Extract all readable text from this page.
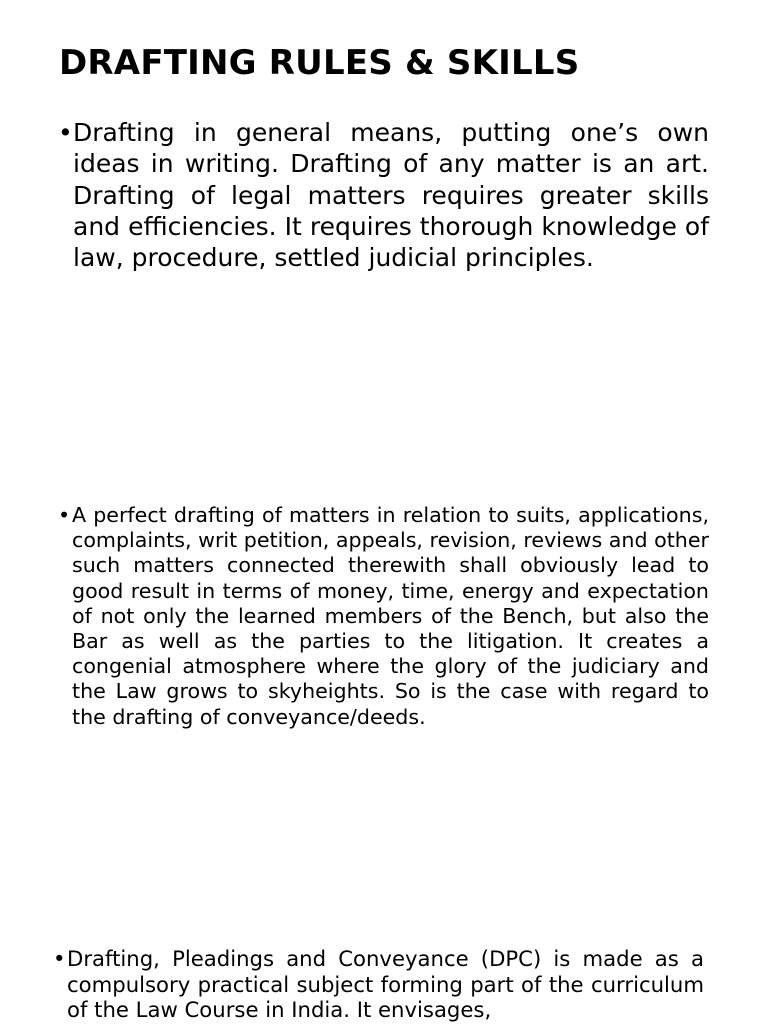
DRAFTING RULES & SKILLS
• Drafting in general means, putting one’s own ideas in writing. Drafting of any matter is an art. Drafting of legal matters requires greater skills and efficiencies. It requires thorough knowledge of law, procedure, settled judicial principles.

• A perfect drafting of matters in relation to suits, applications, complaints, writ petition, appeals, revision, reviews and other such matters connected therewith shall obviously lead to good result in terms of money, time, energy and expectation of not only the learned members of the Bench, but also the Bar as well as the parties to the litigation. It creates a congenial atmosphere where the glory of the judiciary and the Law grows to skyheights. So is the case with regard to the drafting of conveyance/deeds.

• Drafting, Pleadings and Conveyance (DPC) is made as a compulsory practical subject forming part of the curriculum of the Law Course in India. It envisages,
